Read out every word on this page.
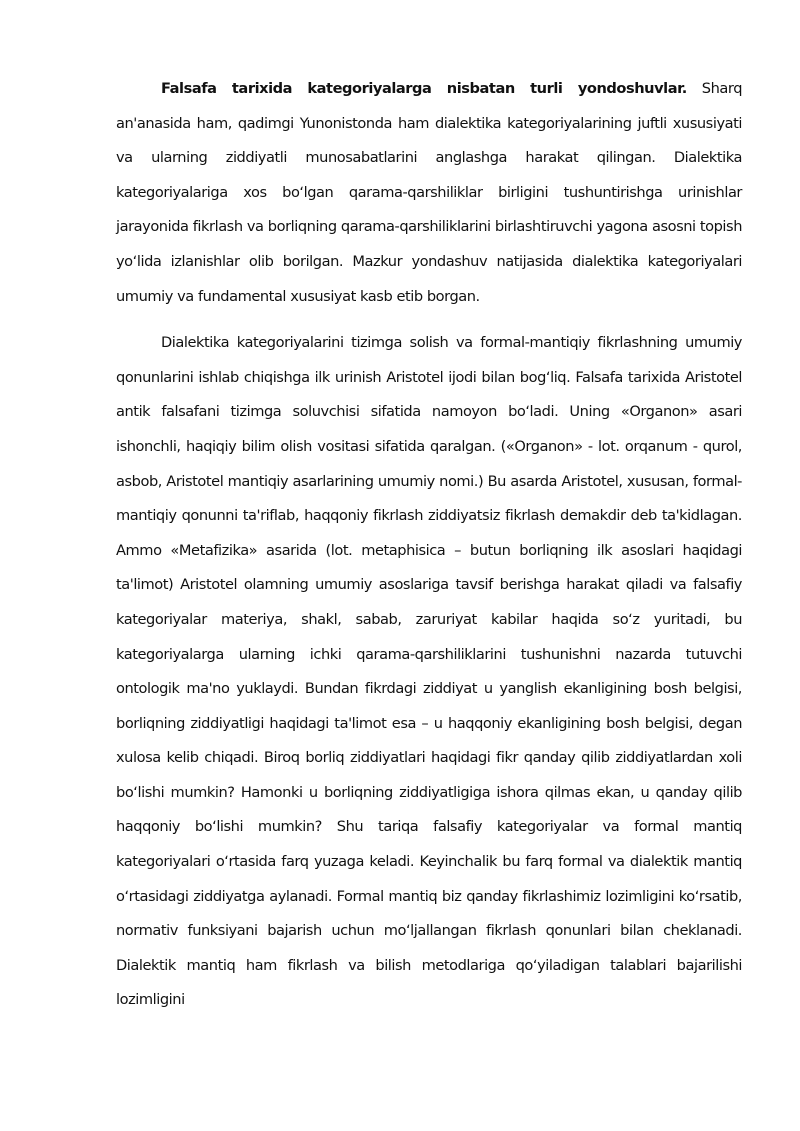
Falsafa tarixida kategoriyalarga nisbatan turli yondoshuvlar. Sharq an'anasida ham, qadimgi Yunonistonda ham dialektika kategoriyalarining juftli xususiyati va ularning ziddiyatli munosabatlarini anglashga harakat qilingan. Dialektika kategoriyalariga xos boʻlgan qarama-qarshiliklar birligini tushuntirishga urinishlar jarayonida fikrlash va borliqning qarama-qarshiliklarini birlashtiruvchi yagona asosni topish yoʻlida izlanishlar olib borilgan. Mazkur yondashuv natijasida dialektika kategoriyalari umumiy va fundamental xususiyat kasb etib borgan.

Dialektika kategoriyalarini tizimga solish va formal-mantiqiy fikrlashning umumiy qonunlarini ishlab chiqishga ilk urinish Aristotel ijodi bilan bogʻliq. Falsafa tarixida Aristotel antik falsafani tizimga soluvchisi sifatida namoyon boʻladi. Uning «Organon» asari ishonchli, haqiqiy bilim olish vositasi sifatida qaralgan. («Organon» - lot. orqanum - qurol, asbob, Aristotel mantiqiy asarlarining umumiy nomi.) Bu asarda Aristotel, xususan, formal-mantiqiy qonunni ta'riflab, haqqoniy fikrlash ziddiyatsiz fikrlash demakdir deb ta'kidlagan. Ammo «Metafizika» asarida (lot. metaphisica – butun borliqning ilk asoslari haqidagi ta'limot) Aristotel olamning umumiy asoslariga tavsif berishga harakat qiladi va falsafiy kategoriyalar materiya, shakl, sabab, zaruriyat kabilar haqida soʻz yuritadi, bu kategoriyalarga ularning ichki qarama-qarshiliklarini tushunishni nazarda tutuvchi ontologik ma'no yuklaydi. Bundan fikrdagi ziddiyat u yanglish ekanligining bosh belgisi, borliqning ziddiyatligi haqidagi ta'limot esa – u haqqoniy ekanligining bosh belgisi, degan xulosa kelib chiqadi. Biroq borliq ziddiyatlari haqidagi fikr qanday qilib ziddiyatlardan xoli boʻlishi mumkin? Hamonki u borliqning ziddiyatligiga ishora qilmas ekan, u qanday qilib haqqoniy boʻlishi mumkin? Shu tariqa falsafiy kategoriyalar va formal mantiq kategoriyalari oʻrtasida farq yuzaga keladi. Keyinchalik bu farq formal va dialektik mantiq oʻrtasidagi ziddiyatga aylanadi. Formal mantiq biz qanday fikrlashimiz lozimligini koʻrsatib, normativ funksiyani bajarish uchun moʻljallangan fikrlash qonunlari bilan cheklanadi. Dialektik mantiq ham fikrlash va bilish metodlariga qoʻyiladigan talablari bajarilishi lozimligini
